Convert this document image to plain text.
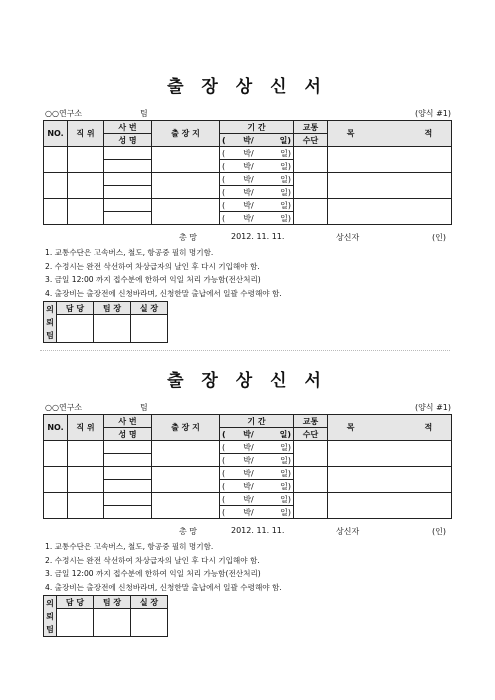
출 장 상 신 서
○○연구소	팀	(양식 #1)
NO.	직 위	사 번	출 장 지	기 간			교통	목 적
		성 명		(	박/	일)	수단	
				(	박/	일)		
				(	박/	일)		
				(	박/	일)		
				(	박/	일)		
				(	박/	일)		
				(	박/	일)		
총 망	2012. 11. 11.	상신자	(인)
1. 교통수단은 고속버스, 철도, 항공중 필히 명기함.
2. 수정시는 완전 삭선하여 차상급자의 날인 후 다시 기입해야 함.
3. 금일 12:00 까지 접수분에 한하여 익일 처리 가능함(전산처리)
4. 출장비는 출장전에 신청바라며, 신청한말 출납에서 일괄 수령해야 함.
의
뢰
팀	담 당	팀 장	실 장

출 장 상 신 서
○○연구소	팀	(양식 #1)
NO.	직 위	사 번	출 장 지	기 간			교통	목 적
		성 명		(	박/	일)	수단	
				(	박/	일)		
				(	박/	일)		
				(	박/	일)		
				(	박/	일)		
				(	박/	일)		
				(	박/	일)		
총 망	2012. 11. 11.	상신자	(인)
1. 교통수단은 고속버스, 철도, 항공중 필히 명기함.
2. 수정시는 완전 삭선하여 차상급자의 날인 후 다시 기입해야 함.
3. 금일 12:00 까지 접수분에 한하여 익일 처리 가능함(전산처리)
4. 출장비는 출장전에 신청바라며, 신청한말 출납에서 일괄 수령해야 함.
의
뢰
팀	담 당	팀 장	실 장
